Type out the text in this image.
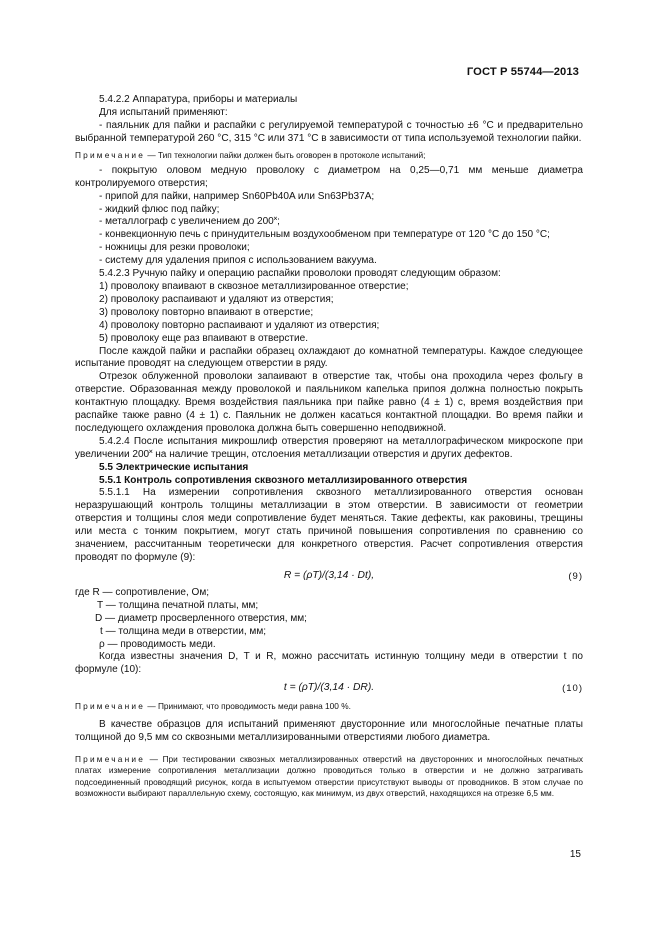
ГОСТ Р 55744—2013

5.4.2.2 Аппаратура, приборы и материалы

Для испытаний применяют:

- паяльник для пайки и распайки с регулируемой температурой с точностью ±6 °С и предварительно выбранной температурой 260 °С, 315 °С или 371 °С в зависимости от типа используемой технологии пайки.

Примечание — Тип технологии пайки должен быть оговорен в протоколе испытаний;

- покрытую оловом медную проволоку с диаметром на 0,25—0,71 мм меньше диаметра контролируемого отверстия;

- припой для пайки, например Sn60Pb40A или Sn63Pb37A;

- жидкий флюс под пайку;

- металлограф с увеличением до 200˟;

- конвекционную печь с принудительным воздухообменом при температуре от 120 °С до 150 °С;

- ножницы для резки проволоки;

- систему для удаления припоя с использованием вакуума.

5.4.2.3 Ручную пайку и операцию распайки проволоки проводят следующим образом:

1) проволоку впаивают в сквозное металлизированное отверстие;

2) проволоку распаивают и удаляют из отверстия;

3) проволоку повторно впаивают в отверстие;

4) проволоку повторно распаивают и удаляют из отверстия;

5) проволоку еще раз впаивают в отверстие.

После каждой пайки и распайки образец охлаждают до комнатной температуры. Каждое следующее испытание проводят на следующем отверстии в ряду.

Отрезок облуженной проволоки запаивают в отверстие так, чтобы она проходила через фольгу в отверстие. Образованная между проволокой и паяльником капелька припоя должна полностью покрыть контактную площадку. Время воздействия паяльника при пайке равно (4 ± 1) с, время воздействия при распайке также равно (4 ± 1) с. Паяльник не должен касаться контактной площадки. Во время пайки и последующего охлаждения проволока должна быть совершенно неподвижной.

5.4.2.4 После испытания микрошлиф отверстия проверяют на металлографическом микроскопе при увеличении 200˟ на наличие трещин, отслоения металлизации отверстия и других дефектов.

5.5 Электрические испытания

5.5.1 Контроль сопротивления сквозного металлизированного отверстия

5.5.1.1 На измерении сопротивления сквозного металлизированного отверстия основан неразрушающий контроль толщины металлизации в этом отверстии. В зависимости от геометрии отверстия и толщины слоя меди сопротивление будет меняться. Такие дефекты, как раковины, трещины или места с тонким покрытием, могут стать причиной повышения сопротивления по сравнению со значением, рассчитанным теоретически для конкретного отверстия. Расчет сопротивления отверстия проводят по формуле (9):

R = (ρT)/(3,14 · Dt),	(9)

где R — сопротивление, Ом;

T — толщина печатной платы, мм;

D — диаметр просверленного отверстия, мм;

t — толщина меди в отверстии, мм;

ρ — проводимость меди.

Когда известны значения D, T и R, можно рассчитать истинную толщину меди в отверстии t по формуле (10):

t = (ρT)/(3,14 · DR).	(10)

Примечание — Принимают, что проводимость меди равна 100 %.

В качестве образцов для испытаний применяют двусторонние или многослойные печатные платы толщиной до 9,5 мм со сквозными металлизированными отверстиями любого диаметра.

Примечание — При тестировании сквозных металлизированных отверстий на двусторонних и многослойных печатных платах измерение сопротивления металлизации должно проводиться только в отверстии и не должно затрагивать подсоединенный проводящий рисунок, когда в испытуемом отверстии присутствуют выводы от проводников. В этом случае по возможности выбирают параллельную схему, состоящую, как минимум, из двух отверстий, находящихся на отрезке 6,5 мм.

15
